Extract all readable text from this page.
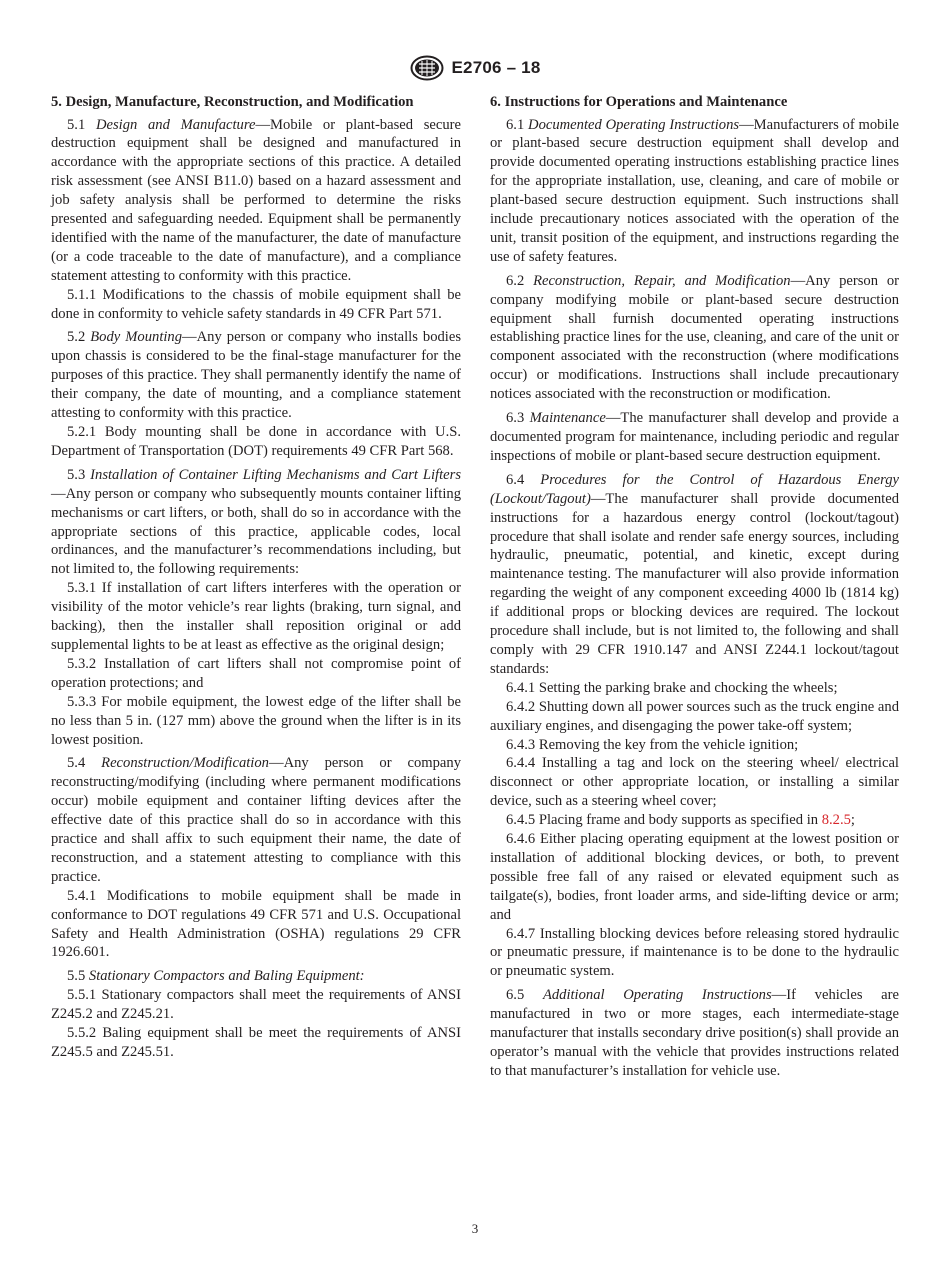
E2706 – 18
5. Design, Manufacture, Reconstruction, and Modification

5.1 Design and Manufacture—Mobile or plant-based secure destruction equipment shall be designed and manufactured in accordance with the appropriate sections of this practice. A detailed risk assessment (see ANSI B11.0) based on a hazard assessment and job safety analysis shall be performed to determine the risks presented and safeguarding needed. Equipment shall be permanently identified with the name of the manufacturer, the date of manufacture (or a code traceable to the date of manufacture), and a compliance statement attesting to conformity with this practice.

5.1.1 Modifications to the chassis of mobile equipment shall be done in conformity to vehicle safety standards in 49 CFR Part 571.

5.2 Body Mounting—Any person or company who installs bodies upon chassis is considered to be the final-stage manufacturer for the purposes of this practice. They shall permanently identify the name of their company, the date of mounting, and a compliance statement attesting to conformity with this practice.

5.2.1 Body mounting shall be done in accordance with U.S. Department of Transportation (DOT) requirements 49 CFR Part 568.

5.3 Installation of Container Lifting Mechanisms and Cart Lifters—Any person or company who subsequently mounts container lifting mechanisms or cart lifters, or both, shall do so in accordance with the appropriate sections of this practice, applicable codes, local ordinances, and the manufacturer’s recommendations including, but not limited to, the following requirements:

5.3.1 If installation of cart lifters interferes with the operation or visibility of the motor vehicle’s rear lights (braking, turn signal, and backing), then the installer shall reposition original or add supplemental lights to be at least as effective as the original design;

5.3.2 Installation of cart lifters shall not compromise point of operation protections; and

5.3.3 For mobile equipment, the lowest edge of the lifter shall be no less than 5 in. (127 mm) above the ground when the lifter is in its lowest position.

5.4 Reconstruction/Modification—Any person or company reconstructing/modifying (including where permanent modifications occur) mobile equipment and container lifting devices after the effective date of this practice shall do so in accordance with this practice and shall affix to such equipment their name, the date of reconstruction, and a statement attesting to compliance with this practice.

5.4.1 Modifications to mobile equipment shall be made in conformance to DOT regulations 49 CFR 571 and U.S. Occupational Safety and Health Administration (OSHA) regulations 29 CFR 1926.601.

5.5 Stationary Compactors and Baling Equipment:

5.5.1 Stationary compactors shall meet the requirements of ANSI Z245.2 and Z245.21.

5.5.2 Baling equipment shall be meet the requirements of ANSI Z245.5 and Z245.51.

6. Instructions for Operations and Maintenance

6.1 Documented Operating Instructions—Manufacturers of mobile or plant-based secure destruction equipment shall develop and provide documented operating instructions establishing practice lines for the appropriate installation, use, cleaning, and care of mobile or plant-based secure destruction equipment. Such instructions shall include precautionary notices associated with the operation of the unit, transit position of the equipment, and instructions regarding the use of safety features.

6.2 Reconstruction, Repair, and Modification—Any person or company modifying mobile or plant-based secure destruction equipment shall furnish documented operating instructions establishing practice lines for the use, cleaning, and care of the unit or component associated with the reconstruction (where modifications occur) or modifications. Instructions shall include precautionary notices associated with the reconstruction or modification.

6.3 Maintenance—The manufacturer shall develop and provide a documented program for maintenance, including periodic and regular inspections of mobile or plant-based secure destruction equipment.

6.4 Procedures for the Control of Hazardous Energy (Lockout/Tagout)—The manufacturer shall provide documented instructions for a hazardous energy control (lockout/tagout) procedure that shall isolate and render safe energy sources, including hydraulic, pneumatic, potential, and kinetic, except during maintenance testing. The manufacturer will also provide information regarding the weight of any component exceeding 4000 lb (1814 kg) if additional props or blocking devices are required. The lockout procedure shall include, but is not limited to, the following and shall comply with 29 CFR 1910.147 and ANSI Z244.1 lockout/tagout standards:

6.4.1 Setting the parking brake and chocking the wheels;

6.4.2 Shutting down all power sources such as the truck engine and auxiliary engines, and disengaging the power take-off system;

6.4.3 Removing the key from the vehicle ignition;

6.4.4 Installing a tag and lock on the steering wheel/ electrical disconnect or other appropriate location, or installing a similar device, such as a steering wheel cover;

6.4.5 Placing frame and body supports as specified in 8.2.5;

6.4.6 Either placing operating equipment at the lowest position or installation of additional blocking devices, or both, to prevent possible free fall of any raised or elevated equipment such as tailgate(s), bodies, front loader arms, and side-lifting device or arm; and

6.4.7 Installing blocking devices before releasing stored hydraulic or pneumatic pressure, if maintenance is to be done to the hydraulic or pneumatic system.

6.5 Additional Operating Instructions—If vehicles are manufactured in two or more stages, each intermediate-stage manufacturer that installs secondary drive position(s) shall provide an operator’s manual with the vehicle that provides instructions related to that manufacturer’s installation for vehicle use.

3
